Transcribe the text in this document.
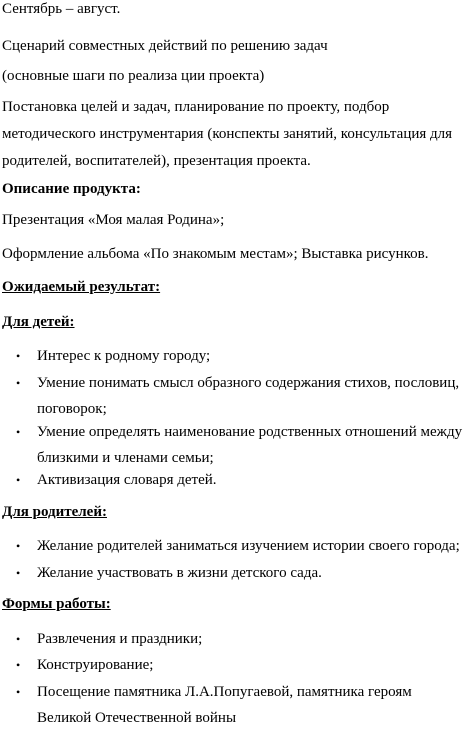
Сентябрь – август.
Сценарий совместных действий по решению задач
(основные шаги по реализа ции проекта)
Постановка целей и задач, планирование по проекту, подбор методического инструментария (конспекты занятий, консультация для родителей, воспитателей), презентация проекта.
Описание продукта:
Презентация «Моя малая Родина»;
Оформление альбома «По знакомым местам»; Выставка рисунков.
Ожидаемый результат:
Для детей:
•	Интерес к родному городу;
•	Умение понимать смысл образного содержания стихов, пословиц, поговорок;
•	Умение определять наименование родственных отношений между близкими и членами семьи;
•	Активизация словаря детей.
Для родителей:
•	Желание родителей заниматься изучением истории своего города;
•	Желание участвовать в жизни детского сада.
Формы работы:
•	Развлечения и праздники;
•	Конструирование;
•	Посещение памятника Л.А.Попугаевой, памятника героям Великой Отечественной войны
